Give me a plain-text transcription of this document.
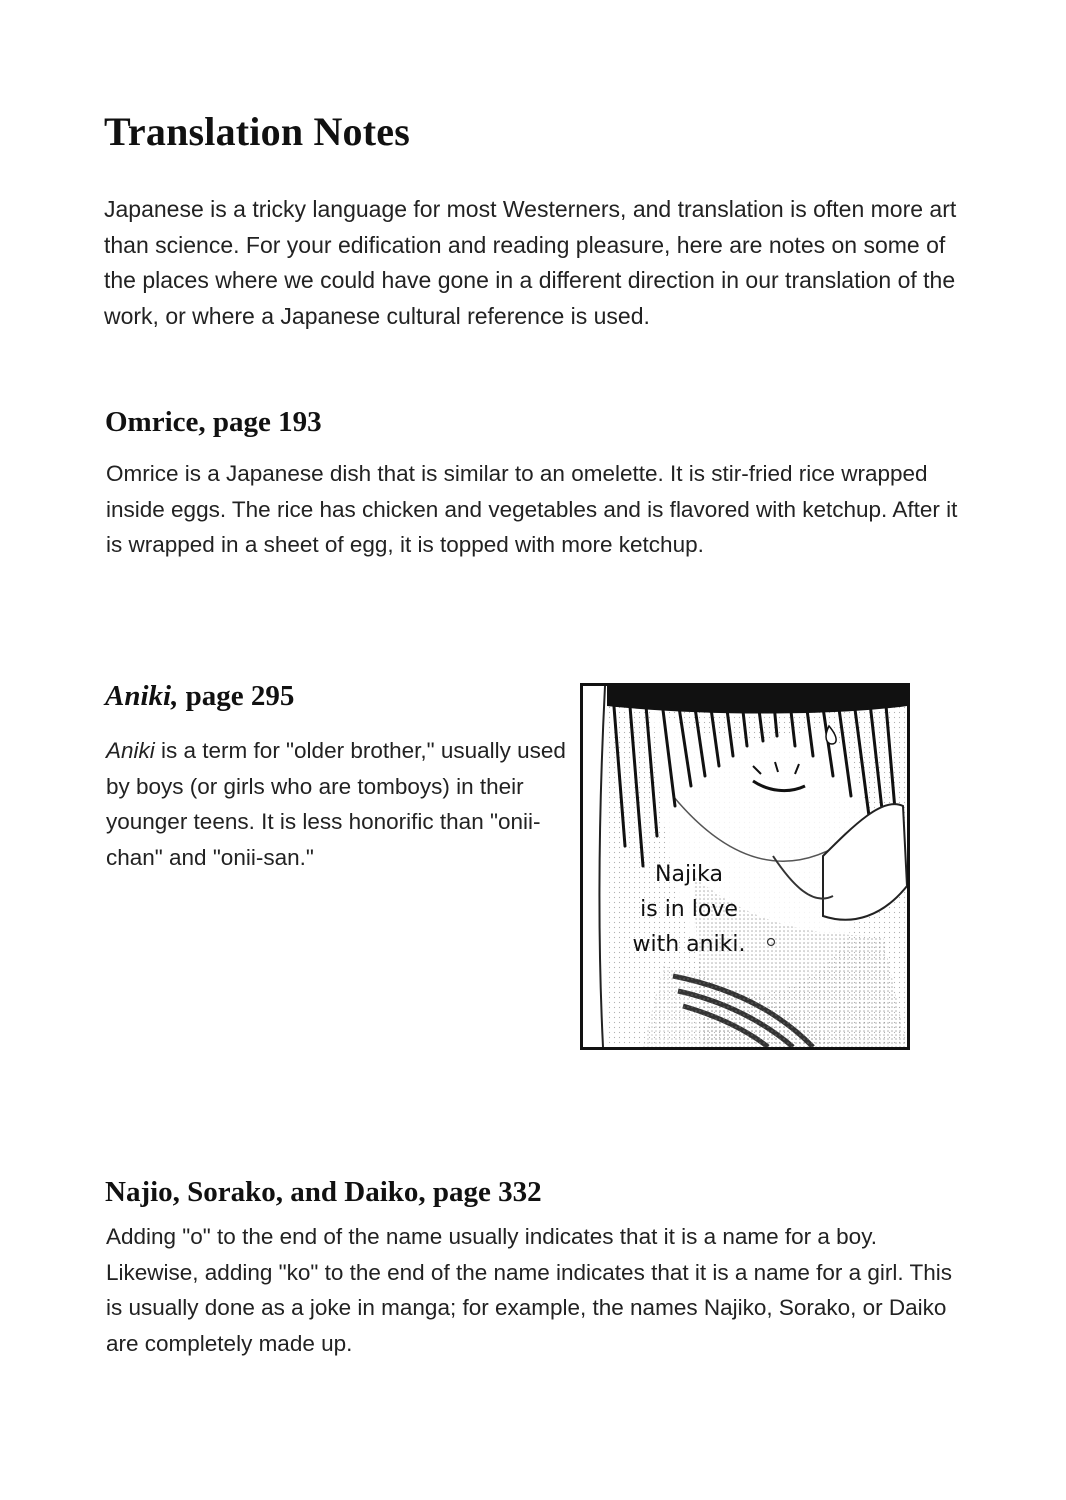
Translation Notes

Japanese is a tricky language for most Westerners, and translation is often more art than science. For your edification and reading pleasure, here are notes on some of the places where we could have gone in a different direction in our translation of the work, or where a Japanese cultural reference is used.

Omrice, page 193

Omrice is a Japanese dish that is similar to an omelette. It is stir-fried rice wrapped inside eggs. The rice has chicken and vegetables and is flavored with ketchup. After it is wrapped in a sheet of egg, it is topped with more ketchup.

Aniki, page 295

Aniki is a term for "older brother," usually used by boys (or girls who are tomboys) in their younger teens. It is less honorific than "onii-chan" and "onii-san."

Najika
is in love
with aniki.
Najio, Sorako, and Daiko, page 332

Adding "o" to the end of the name usually indicates that it is a name for a boy. Likewise, adding "ko" to the end of the name indicates that it is a name for a girl. This is usually done as a joke in manga; for example, the names Najiko, Sorako, or Daiko are completely made up.
